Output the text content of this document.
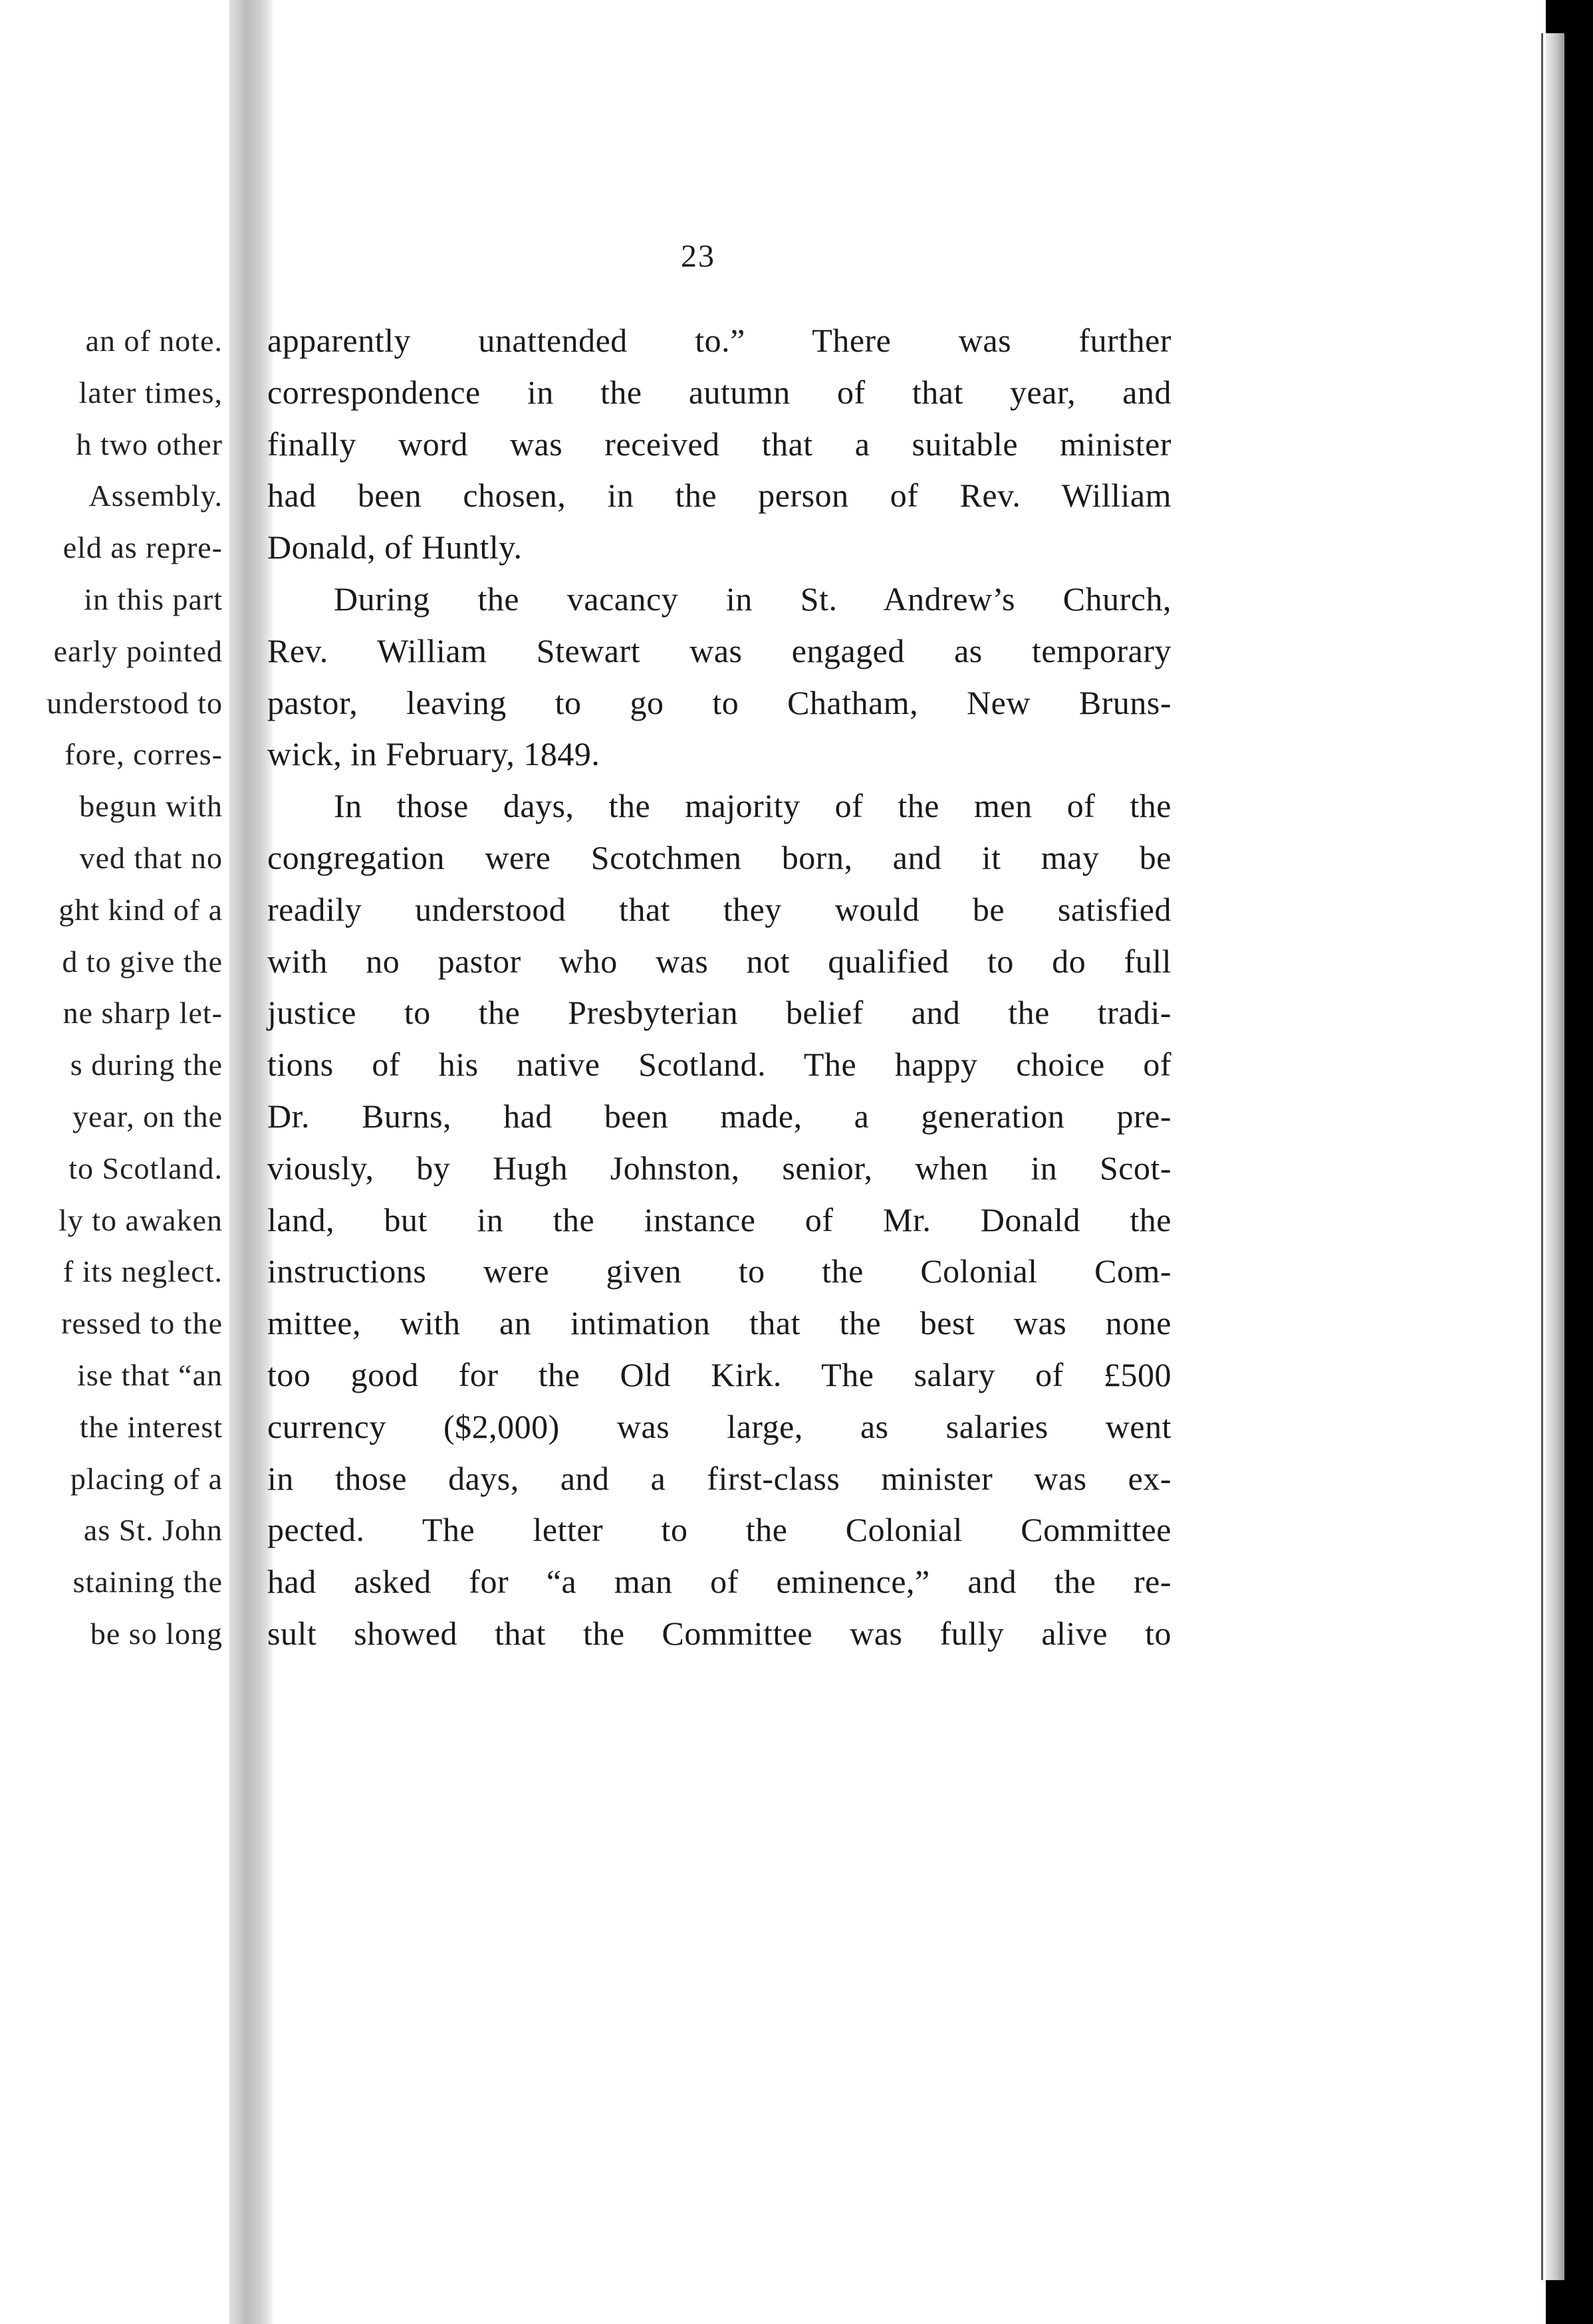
an of note.
later times,
h two other
Assembly.
eld as repre-
in this part
early pointed
understood to
fore, corres-
begun with
ved that no
ght kind of a
d to give the
ne sharp let-
s during the
year, on the
to Scotland.
ly to awaken
f its neglect.
ressed to the
ise that “an
the interest
placing of a
as St. John
staining the
be so long
23
apparently unattended to.” There was further
correspondence in the autumn of that year, and
finally word was received that a suitable minister
had been chosen, in the person of Rev. William
Donald, of Huntly.
During the vacancy in St. Andrew’s Church,
Rev. William Stewart was engaged as temporary
pastor, leaving to go to Chatham, New Bruns-
wick, in February, 1849.
In those days, the majority of the men of the
congregation were Scotchmen born, and it may be
readily understood that they would be satisfied
with no pastor who was not qualified to do full
justice to the Presbyterian belief and the tradi-
tions of his native Scotland. The happy choice of
Dr. Burns, had been made, a generation pre-
viously, by Hugh Johnston, senior, when in Scot-
land, but in the instance of Mr. Donald the
instructions were given to the Colonial Com-
mittee, with an intimation that the best was none
too good for the Old Kirk. The salary of £500
currency ($2,000) was large, as salaries went
in those days, and a first-class minister was ex-
pected. The letter to the Colonial Committee
had asked for “a man of eminence,” and the re-
sult showed that the Committee was fully alive to
